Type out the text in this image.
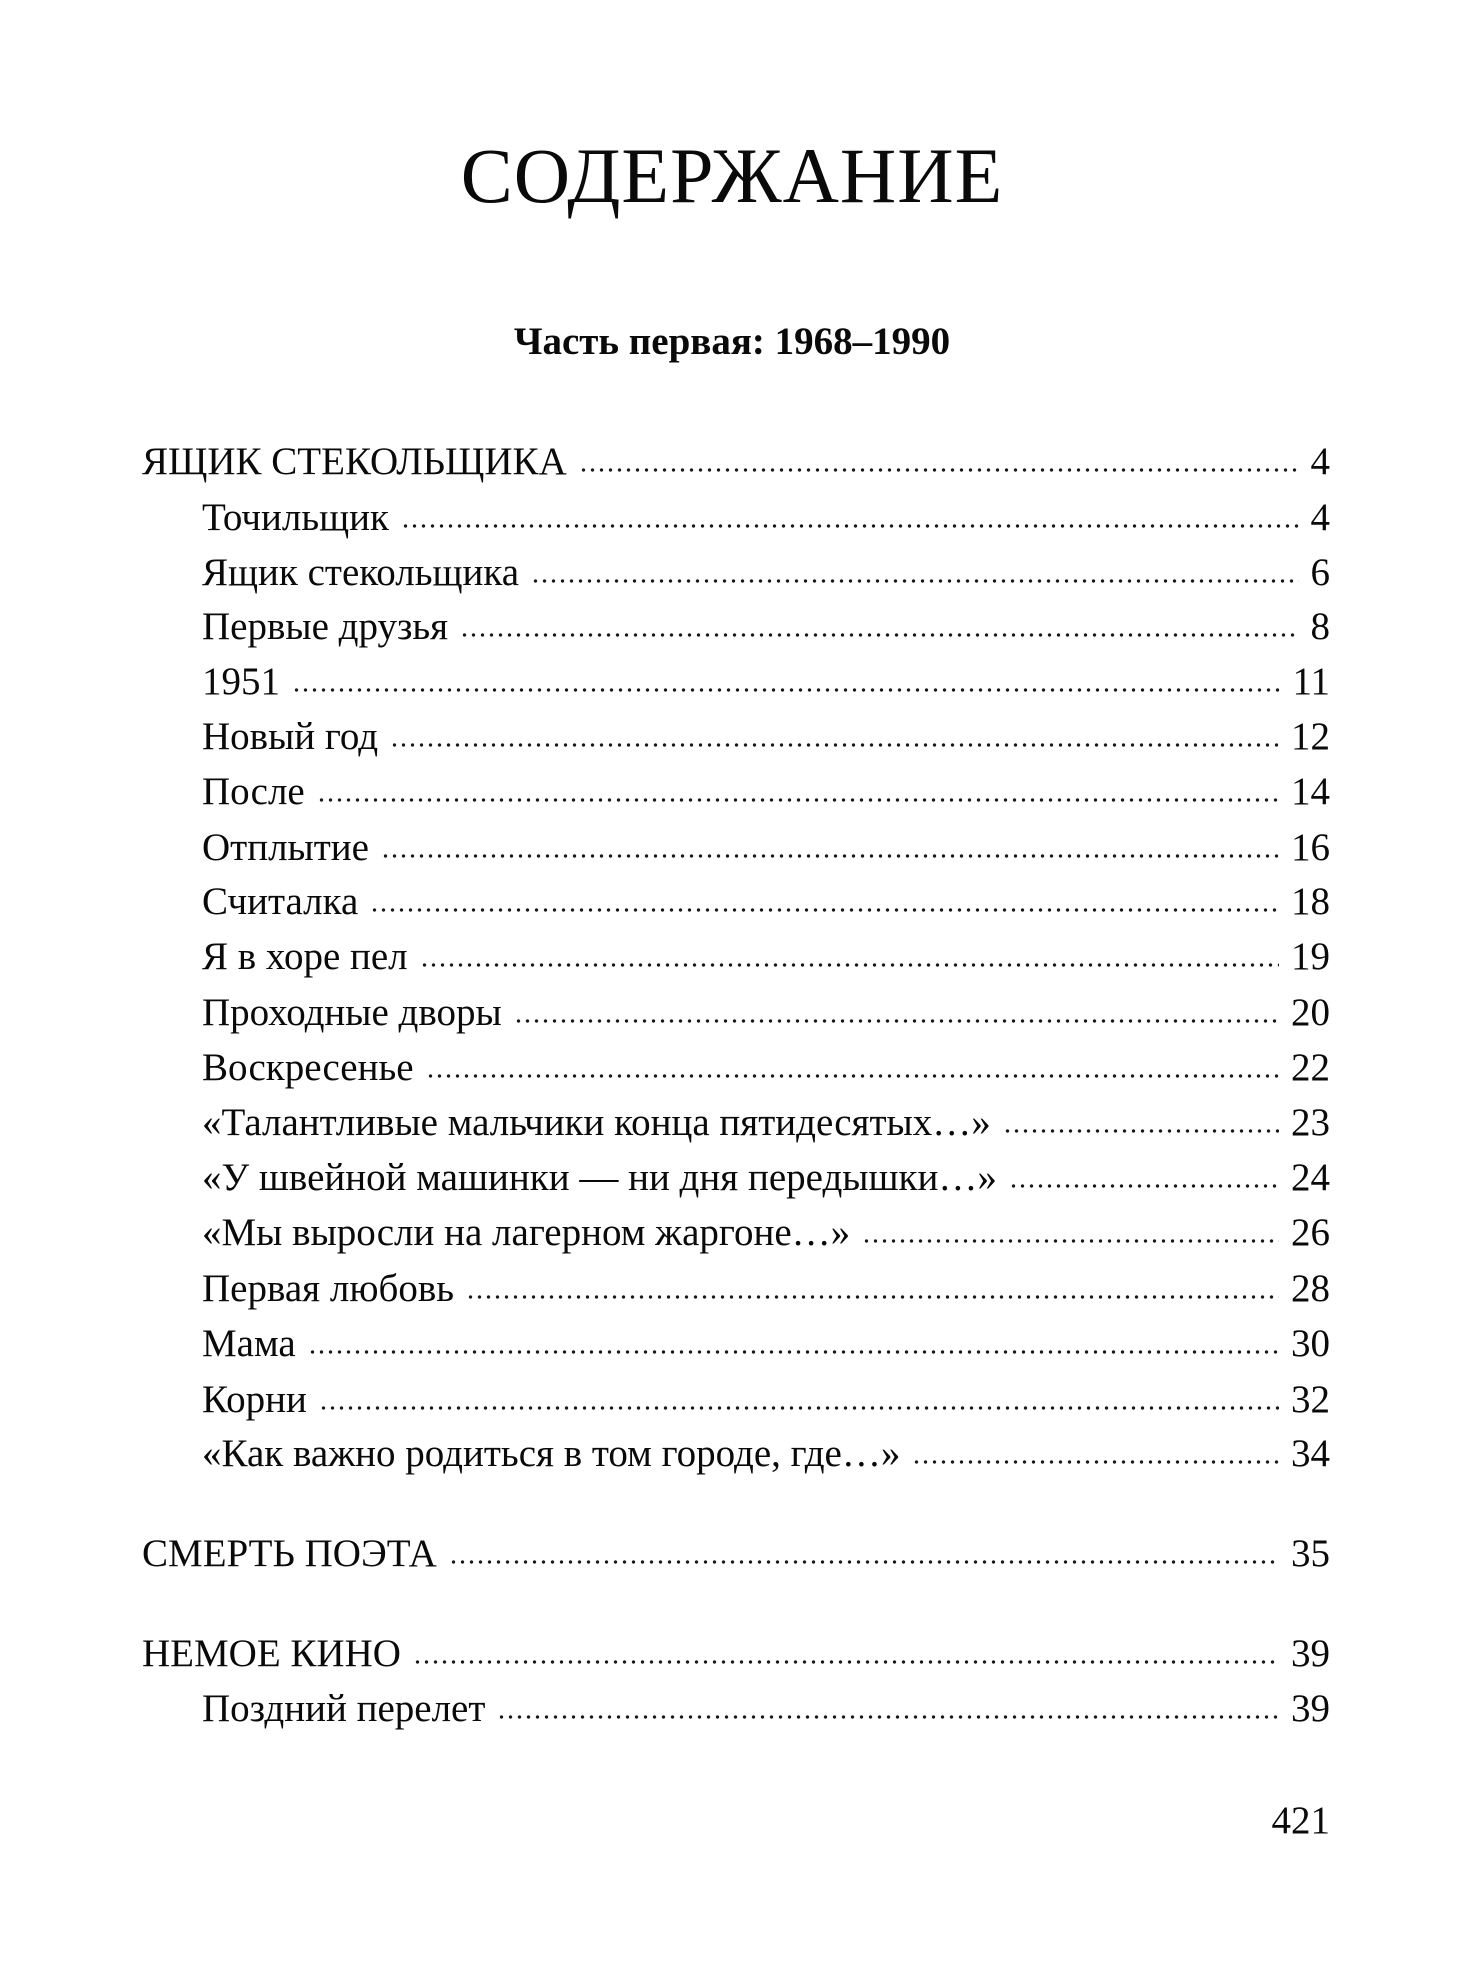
СОДЕРЖАНИЕ
Часть первая: 1968–1990
ЯЩИК СТЕКОЛЬЩИКА	4
Точильщик	4
Ящик стекольщика	6
Первые друзья	8
1951	11
Новый год	12
После	14
Отплытие	16
Считалка	18
Я в хоре пел	19
Проходные дворы	20
Воскресенье	22
«Талантливые мальчики конца пятидесятых…»	23
«У швейной машинки — ни дня передышки…»	24
«Мы выросли на лагерном жаргоне…»	26
Первая любовь	28
Мама	30
Корни	32
«Как важно родиться в том городе, где…»	34
СМЕРТЬ ПОЭТА	35
НЕМОЕ КИНО	39
Поздний перелет	39
421
